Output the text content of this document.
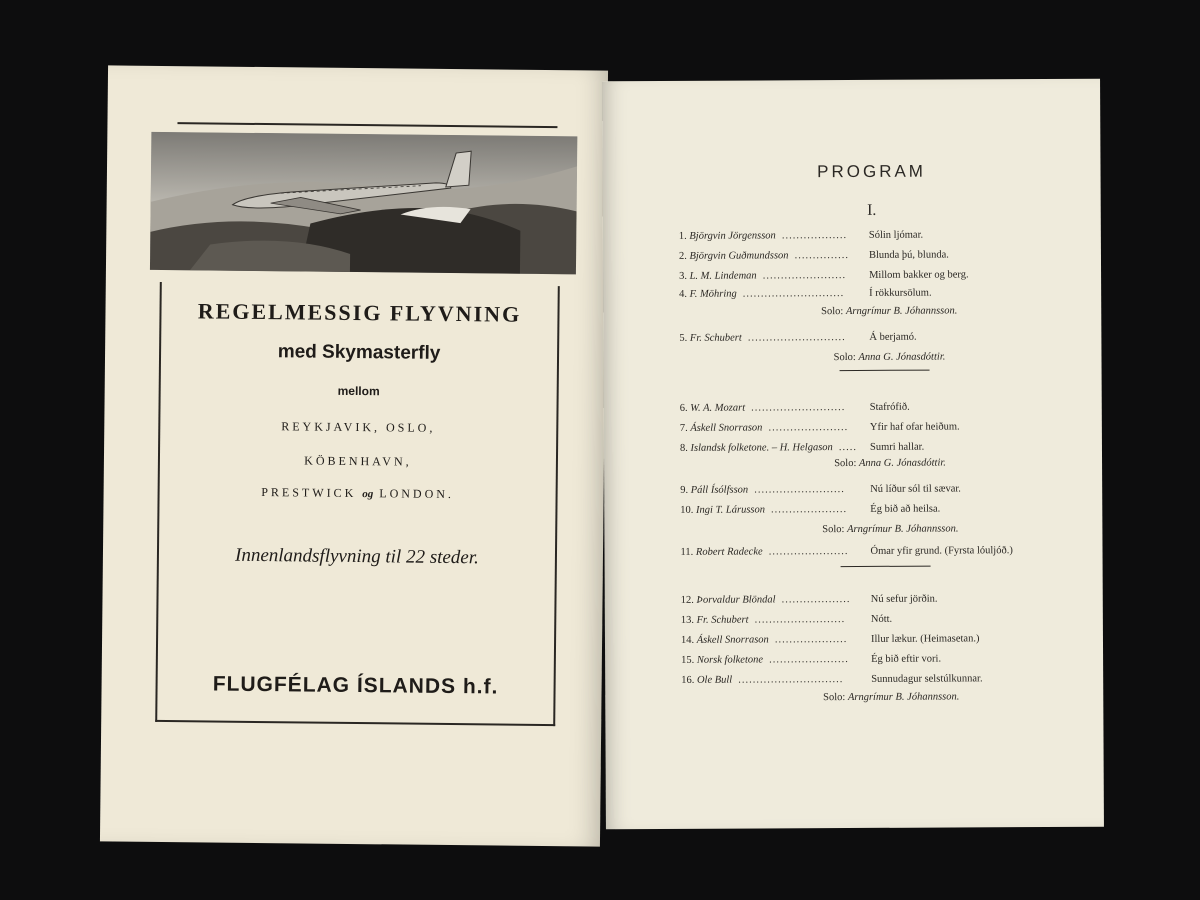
REGELMESSIG FLYVNING
med Skymasterfly
mellom
REYKJAVIK, OSLO,
KÖBENHAVN,
PRESTWICK og LONDON.
Innenlandsflyvning til 22 steder.
FLUGFÉLAG ÍSLANDS h.f.
PROGRAM
I.
1. Björgvin Jörgensson	Sólin ljómar.
..................
2. Björgvin Guðmundsson	Blunda þú, blunda.
...............
3. L. M. Lindeman	Millom bakker og berg.
.......................
4. F. Möhring	Í rökkursölum.
............................
5. Fr. Schubert	Á berjamó.
...........................
6. W. A. Mozart	Stafrófið.
..........................
7. Áskell Snorrason	Yfir haf ofar heiðum.
......................
8. Islandsk folketone. – H. Helgason	Sumri hallar.
.....
9. Páll Ísólfsson	Nú líður sól til sævar.
.........................
10. Ingi T. Lárusson	Ég bið að heilsa.
.....................
11. Robert Radecke	Ómar yfir grund. (Fyrsta lóuljóð.)
......................
12. Þorvaldur Blöndal	Nú sefur jörðin.
...................
13. Fr. Schubert	Nótt.
.........................
14. Áskell Snorrason	Illur lækur. (Heimasetan.)
....................
15. Norsk folketone	Ég bið eftir vori.
......................
16. Ole Bull	Sunnudagur selstúlkunnar.
.............................
Solo: Arngrímur B. Jóhannsson.
Solo: Anna G. Jónasdóttir.
Solo: Anna G. Jónasdóttir.
Solo: Arngrímur B. Jóhannsson.
Solo: Arngrímur B. Jóhannsson.
